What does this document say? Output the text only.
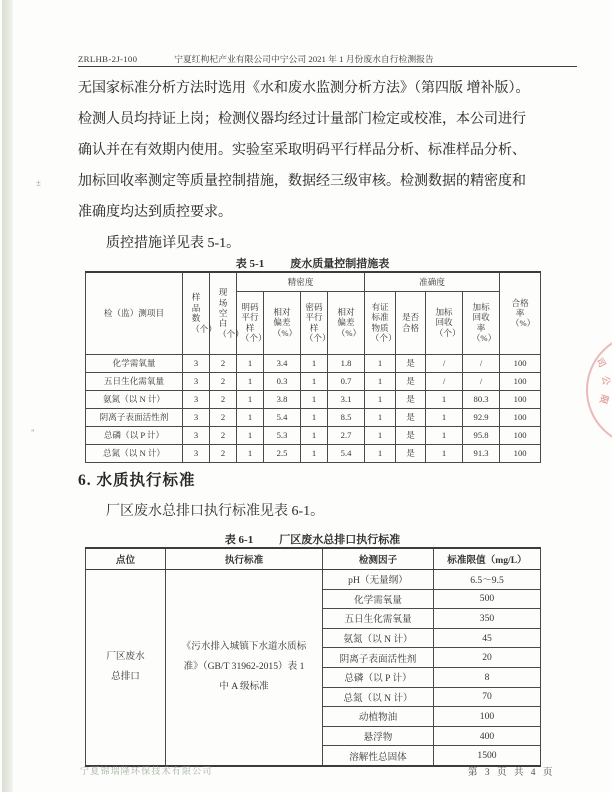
ZRLHB-2J-100	宁夏红枸杞产业有限公司中宁公司 2021 年 1 月份废水自行检测报告

无国家标准分析方法时选用《水和废水监测分析方法》（第四版 增补版）。

检测人员均持证上岗；检测仪器均经过计量部门检定或校准，本公司进行

确认并在有效期内使用。实验室采取明码平行样品分析、标准样品分析、

加标回收率测定等质量控制措施，数据经三级审核。检测数据的精密度和

准确度均达到质控要求。

质控措施详见表 5-1。

表 5-1 废水质量控制措施表
检（监）测项目	样品数（个）	现场空白（个）	精密度				准确度				合格率（%）
			明码平行样（个）	相对偏差（%）	密码平行样（个）	相对偏差（%）	有证标准物质（个）	是否合格	加标回收（个）	加标回收率（%）	
化学需氧量	3	2	1	3.4	1	1.8	1	是	/	/	100
五日生化需氧量	3	2	1	0.3	1	0.7	1	是	/	/	100
氨氮（以 N 计）	3	2	1	3.8	1	3.1	1	是	1	80.3	100
阴离子表面活性剂	3	2	1	5.4	1	8.5	1	是	1	92.9	100
总磷（以 P 计）	3	2	1	5.3	1	2.7	1	是	1	95.8	100
总氮（以 N 计）	3	2	1	2.5	1	5.4	1	是	1	91.3	100
6. 水质执行标准
厂区废水总排口执行标准见表 6-1。
表 6-1 厂区废水总排口执行标准
点位	执行标准	检测因子	标准限值（mg/L）

厂区废水
总排口

《污水排入城镇下水道水质标
准》（GB/T 31962-2015）表 1
中 A 级标准
	pH（无量纲）	6.5～9.5
		化学需氧量	500
		五日生化需氧量	350
		氨氮（以 N 计）	45
		阴离子表面活性剂	20
		总磷（以 P 计）	8
		总氮（以 N 计）	70
		动植物油	100
		悬浮物	400
		溶解性总固体	1500
宁夏锦瑞隆环保技术有限公司	第 3 页 共 4 页
司
公
限
±
"
